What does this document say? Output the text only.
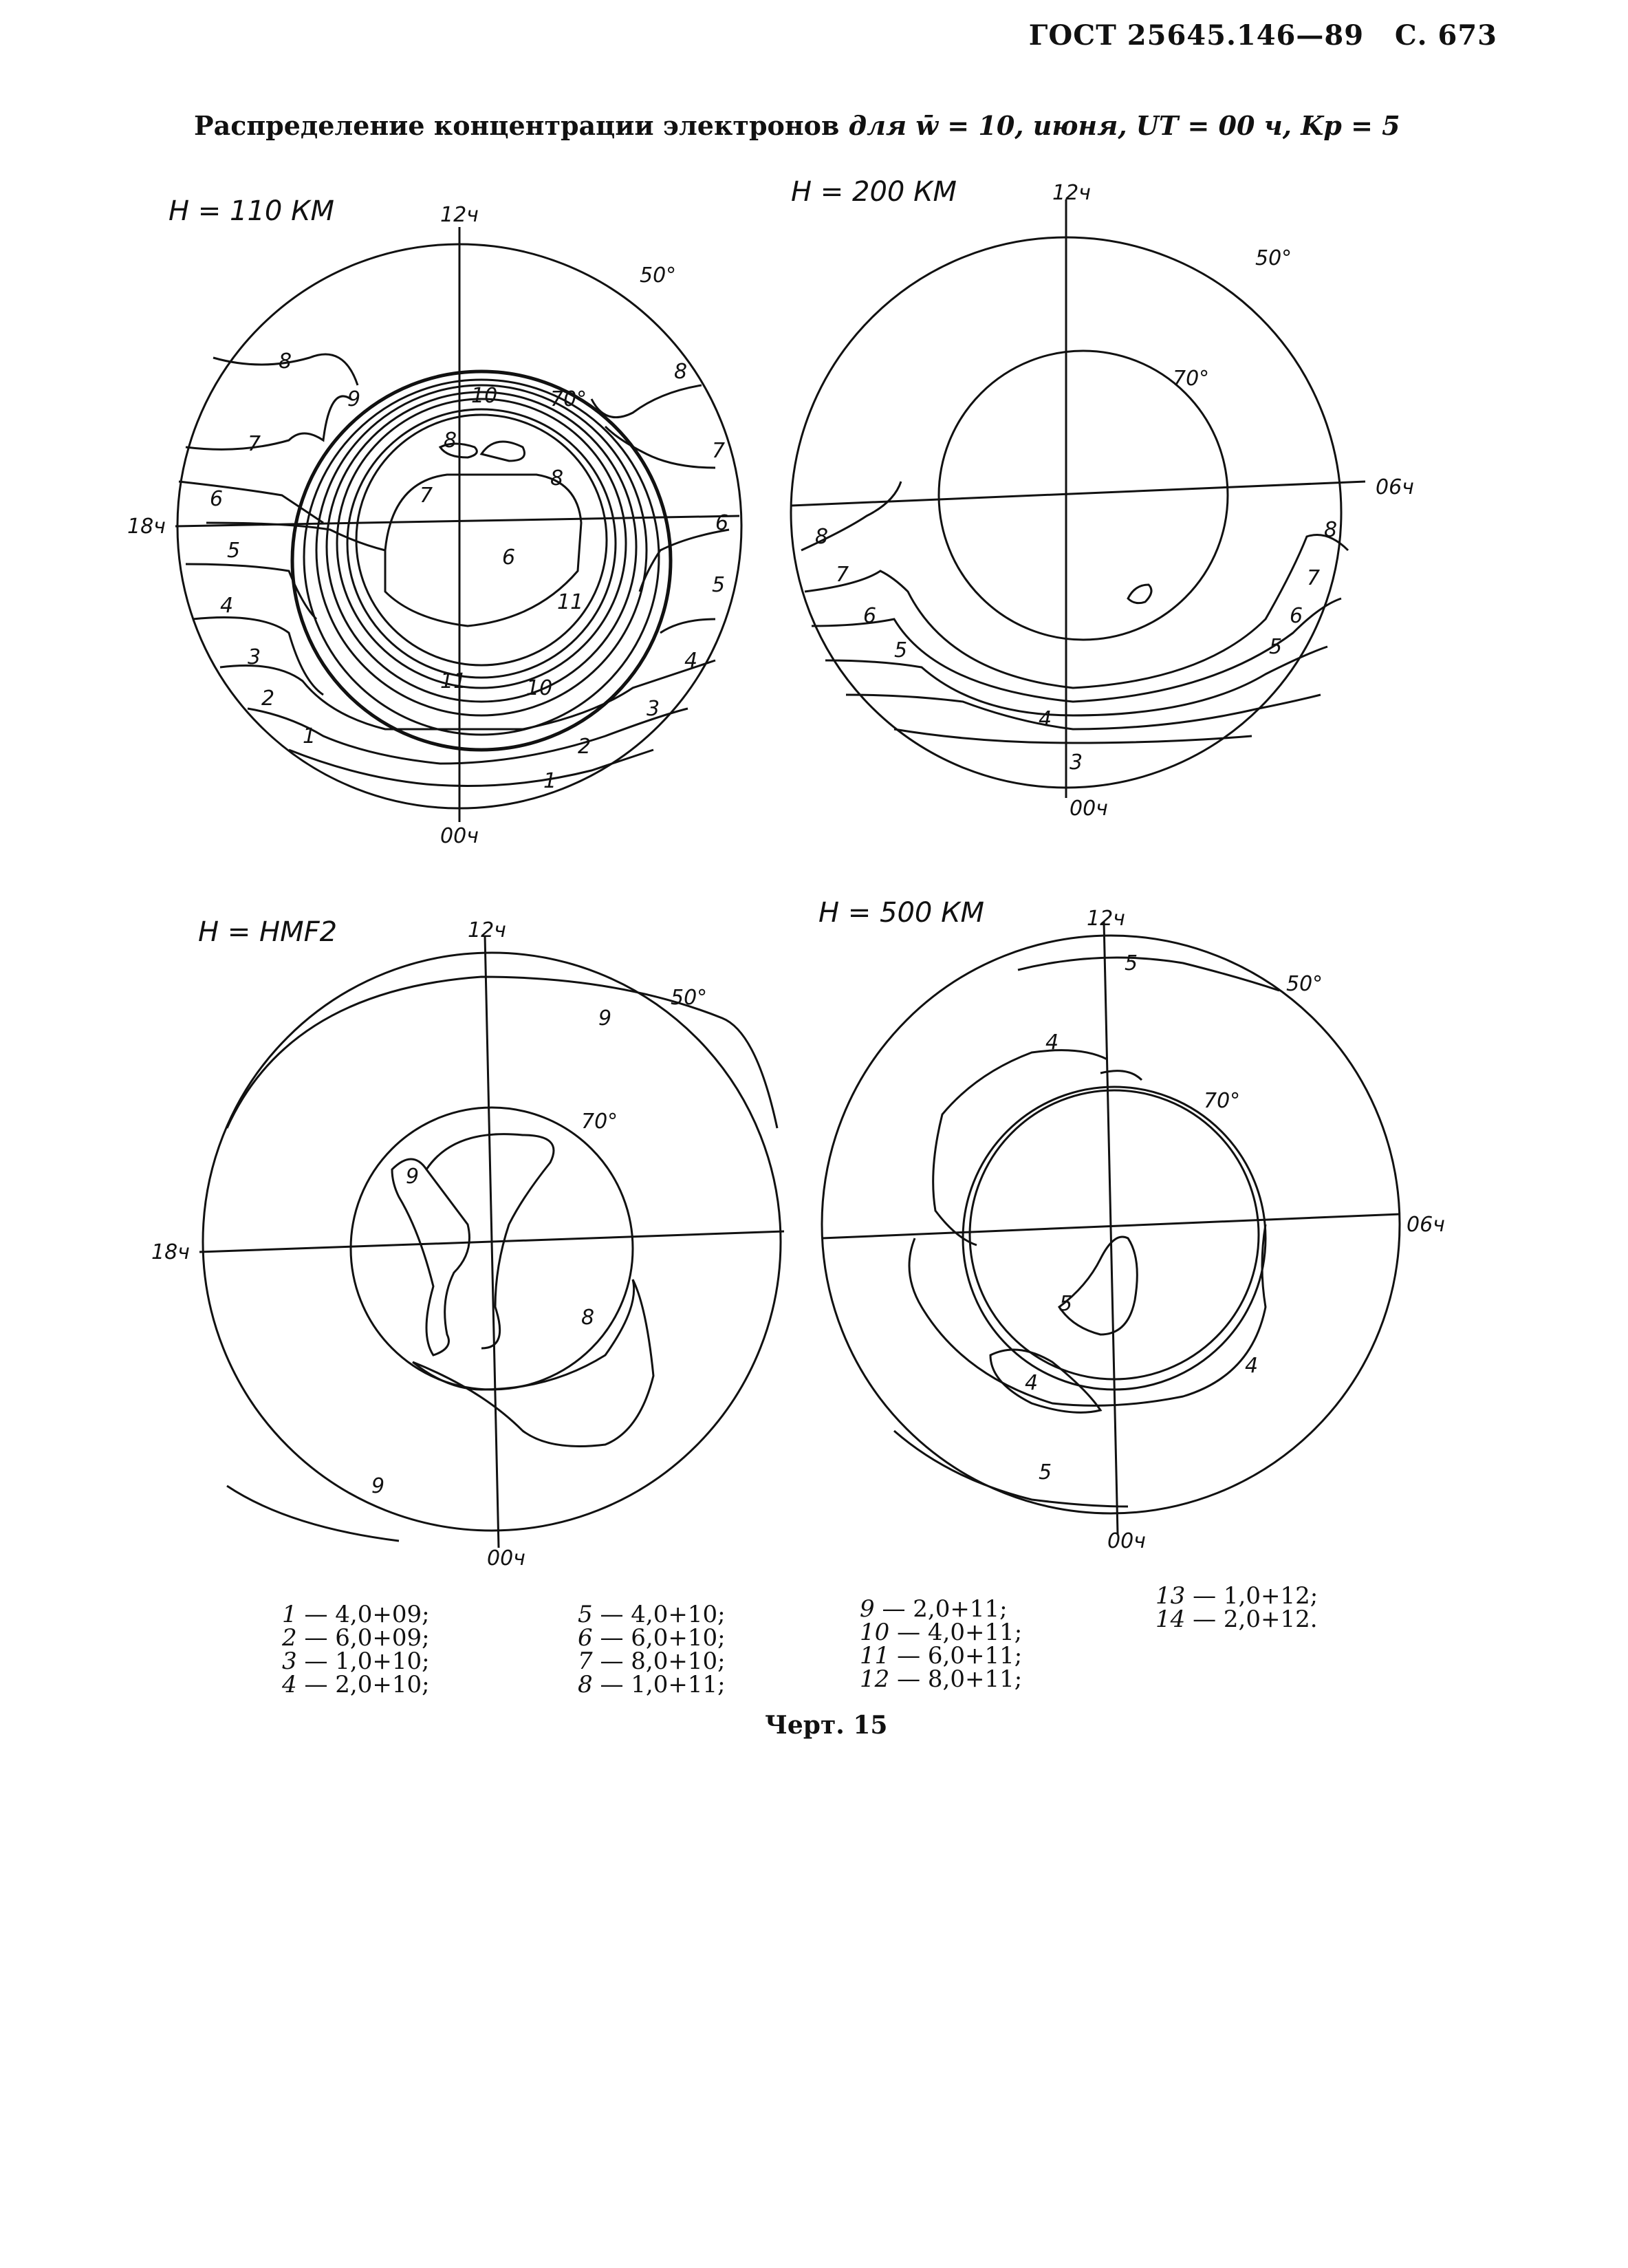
ГОСТ 25645.146—89 С. 673
Распределение концентрации электронов для w̄ = 10, июня, UT = 00 ч, Kp = 5
H = 110 КМ	12ч
00ч
18ч
50°
70°
1
1	2
2	3
3
4
4
5
5
6
6
7	7
8	8
8
9	10
6
7
8
10
11
11
H = 200 КМ	12ч
00ч
06ч
50°
70°
8
7
6
5
8
7
6
5
4
3
H = HMF2	12ч
00ч
18ч
50°
70°
9
9
8
9
H = 500 КМ	12ч
00ч
06ч
50°
70°
5
4
5
4
4
5
1 — 4,0+09;
2 — 6,0+09;
3 — 1,0+10;
4 — 2,0+10;
5 — 4,0+10;
6 — 6,0+10;
7 — 8,0+10;
8 — 1,0+11;
9 — 2,0+11;
10 — 4,0+11;
11 — 6,0+11;
12 — 8,0+11;
13 — 1,0+12;
14 — 2,0+12.
Черт. 15
